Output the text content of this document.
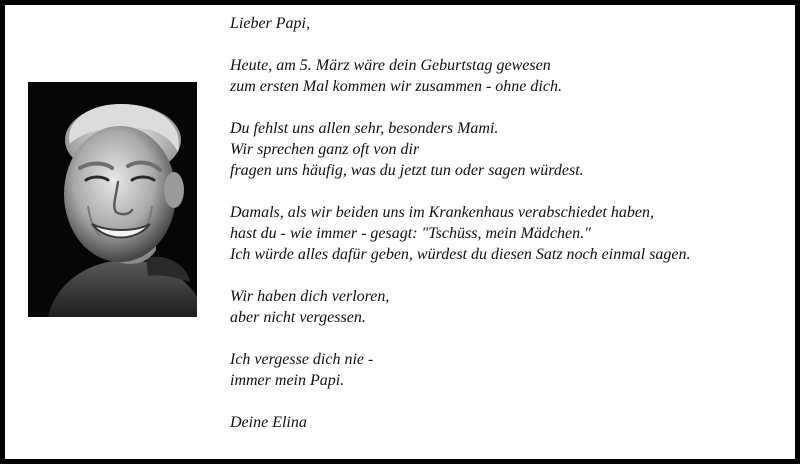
Lieber Papi,

Heute, am 5. März wäre dein Geburtstag gewesen
zum ersten Mal kommen wir zusammen - ohne dich.

Du fehlst uns allen sehr, besonders Mami.
Wir sprechen ganz oft von dir
fragen uns häufig, was du jetzt tun oder sagen würdest.

Damals, als wir beiden uns im Krankenhaus verabschiedet haben,
hast du - wie immer - gesagt: "Tschüss, mein Mädchen."
Ich würde alles dafür geben, würdest du diesen Satz noch einmal sagen.

Wir haben dich verloren,
aber nicht vergessen.

Ich vergesse dich nie -
immer mein Papi.

Deine Elina
